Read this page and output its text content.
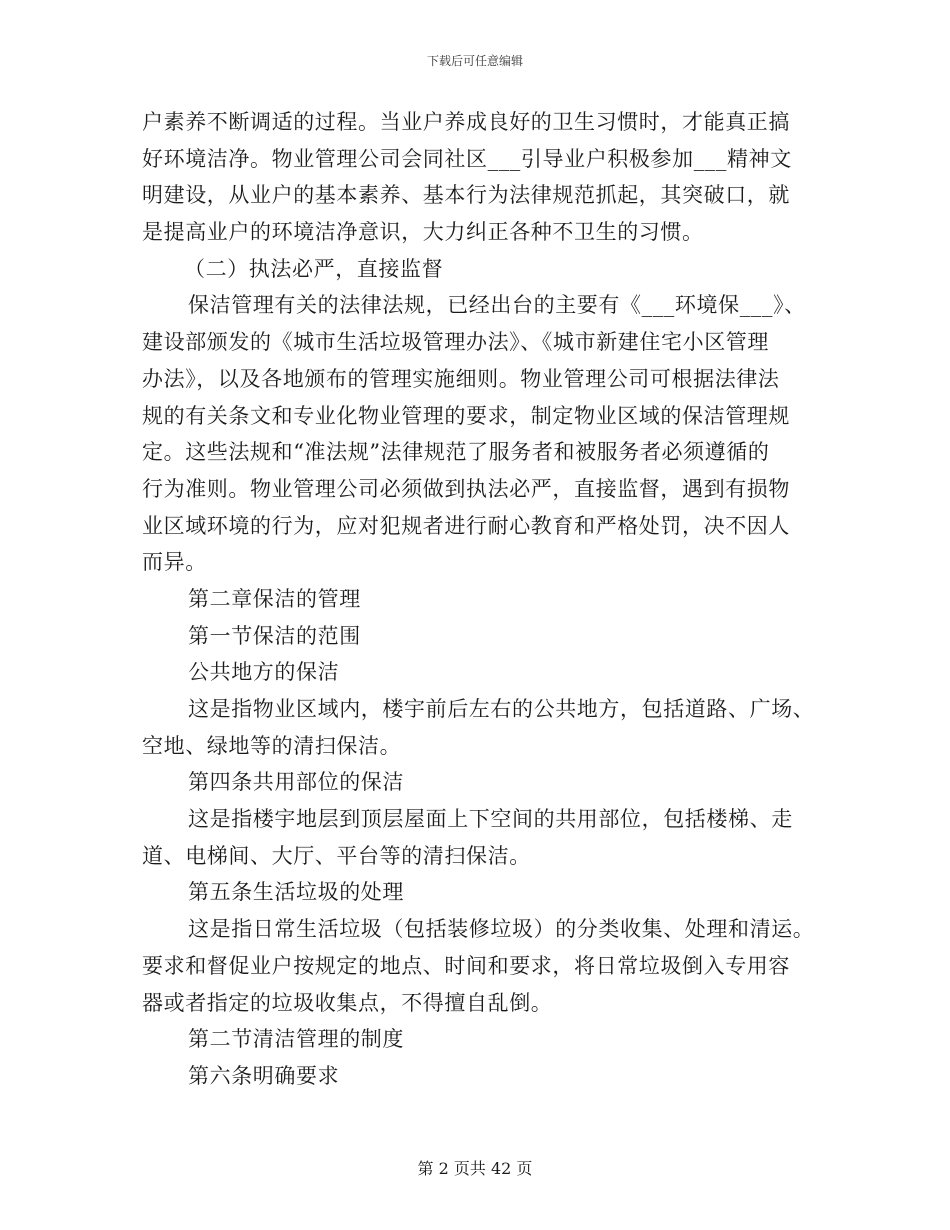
下载后可任意编辑
户素养不断调适的过程。当业户养成良好的卫生习惯时，才能真正搞
好环境洁净。物业管理公司会同社区___引导业户积极参加___精神文
明建设，从业户的基本素养、基本行为法律规范抓起，其突破口，就
是提高业户的环境洁净意识，大力纠正各种不卫生的习惯。
（二）执法必严，直接监督
保洁管理有关的法律法规，已经出台的主要有《___环境保___》、
建设部颁发的《城市生活垃圾管理办法》、《城市新建住宅小区管理
办法》，以及各地颁布的管理实施细则。物业管理公司可根据法律法
规的有关条文和专业化物业管理的要求，制定物业区域的保洁管理规
定。这些法规和“准法规”法律规范了服务者和被服务者必须遵循的
行为准则。物业管理公司必须做到执法必严，直接监督，遇到有损物
业区域环境的行为，应对犯规者进行耐心教育和严格处罚，决不因人
而异。
第二章保洁的管理
第一节保洁的范围
公共地方的保洁
这是指物业区域内，楼宇前后左右的公共地方，包括道路、广场、
空地、绿地等的清扫保洁。
第四条共用部位的保洁
这是指楼宇地层到顶层屋面上下空间的共用部位，包括楼梯、走
道、电梯间、大厅、平台等的清扫保洁。
第五条生活垃圾的处理
这是指日常生活垃圾（包括装修垃圾）的分类收集、处理和清运。
要求和督促业户按规定的地点、时间和要求，将日常垃圾倒入专用容
器或者指定的垃圾收集点，不得擅自乱倒。
第二节清洁管理的制度
第六条明确要求
第 2 页共 42 页
